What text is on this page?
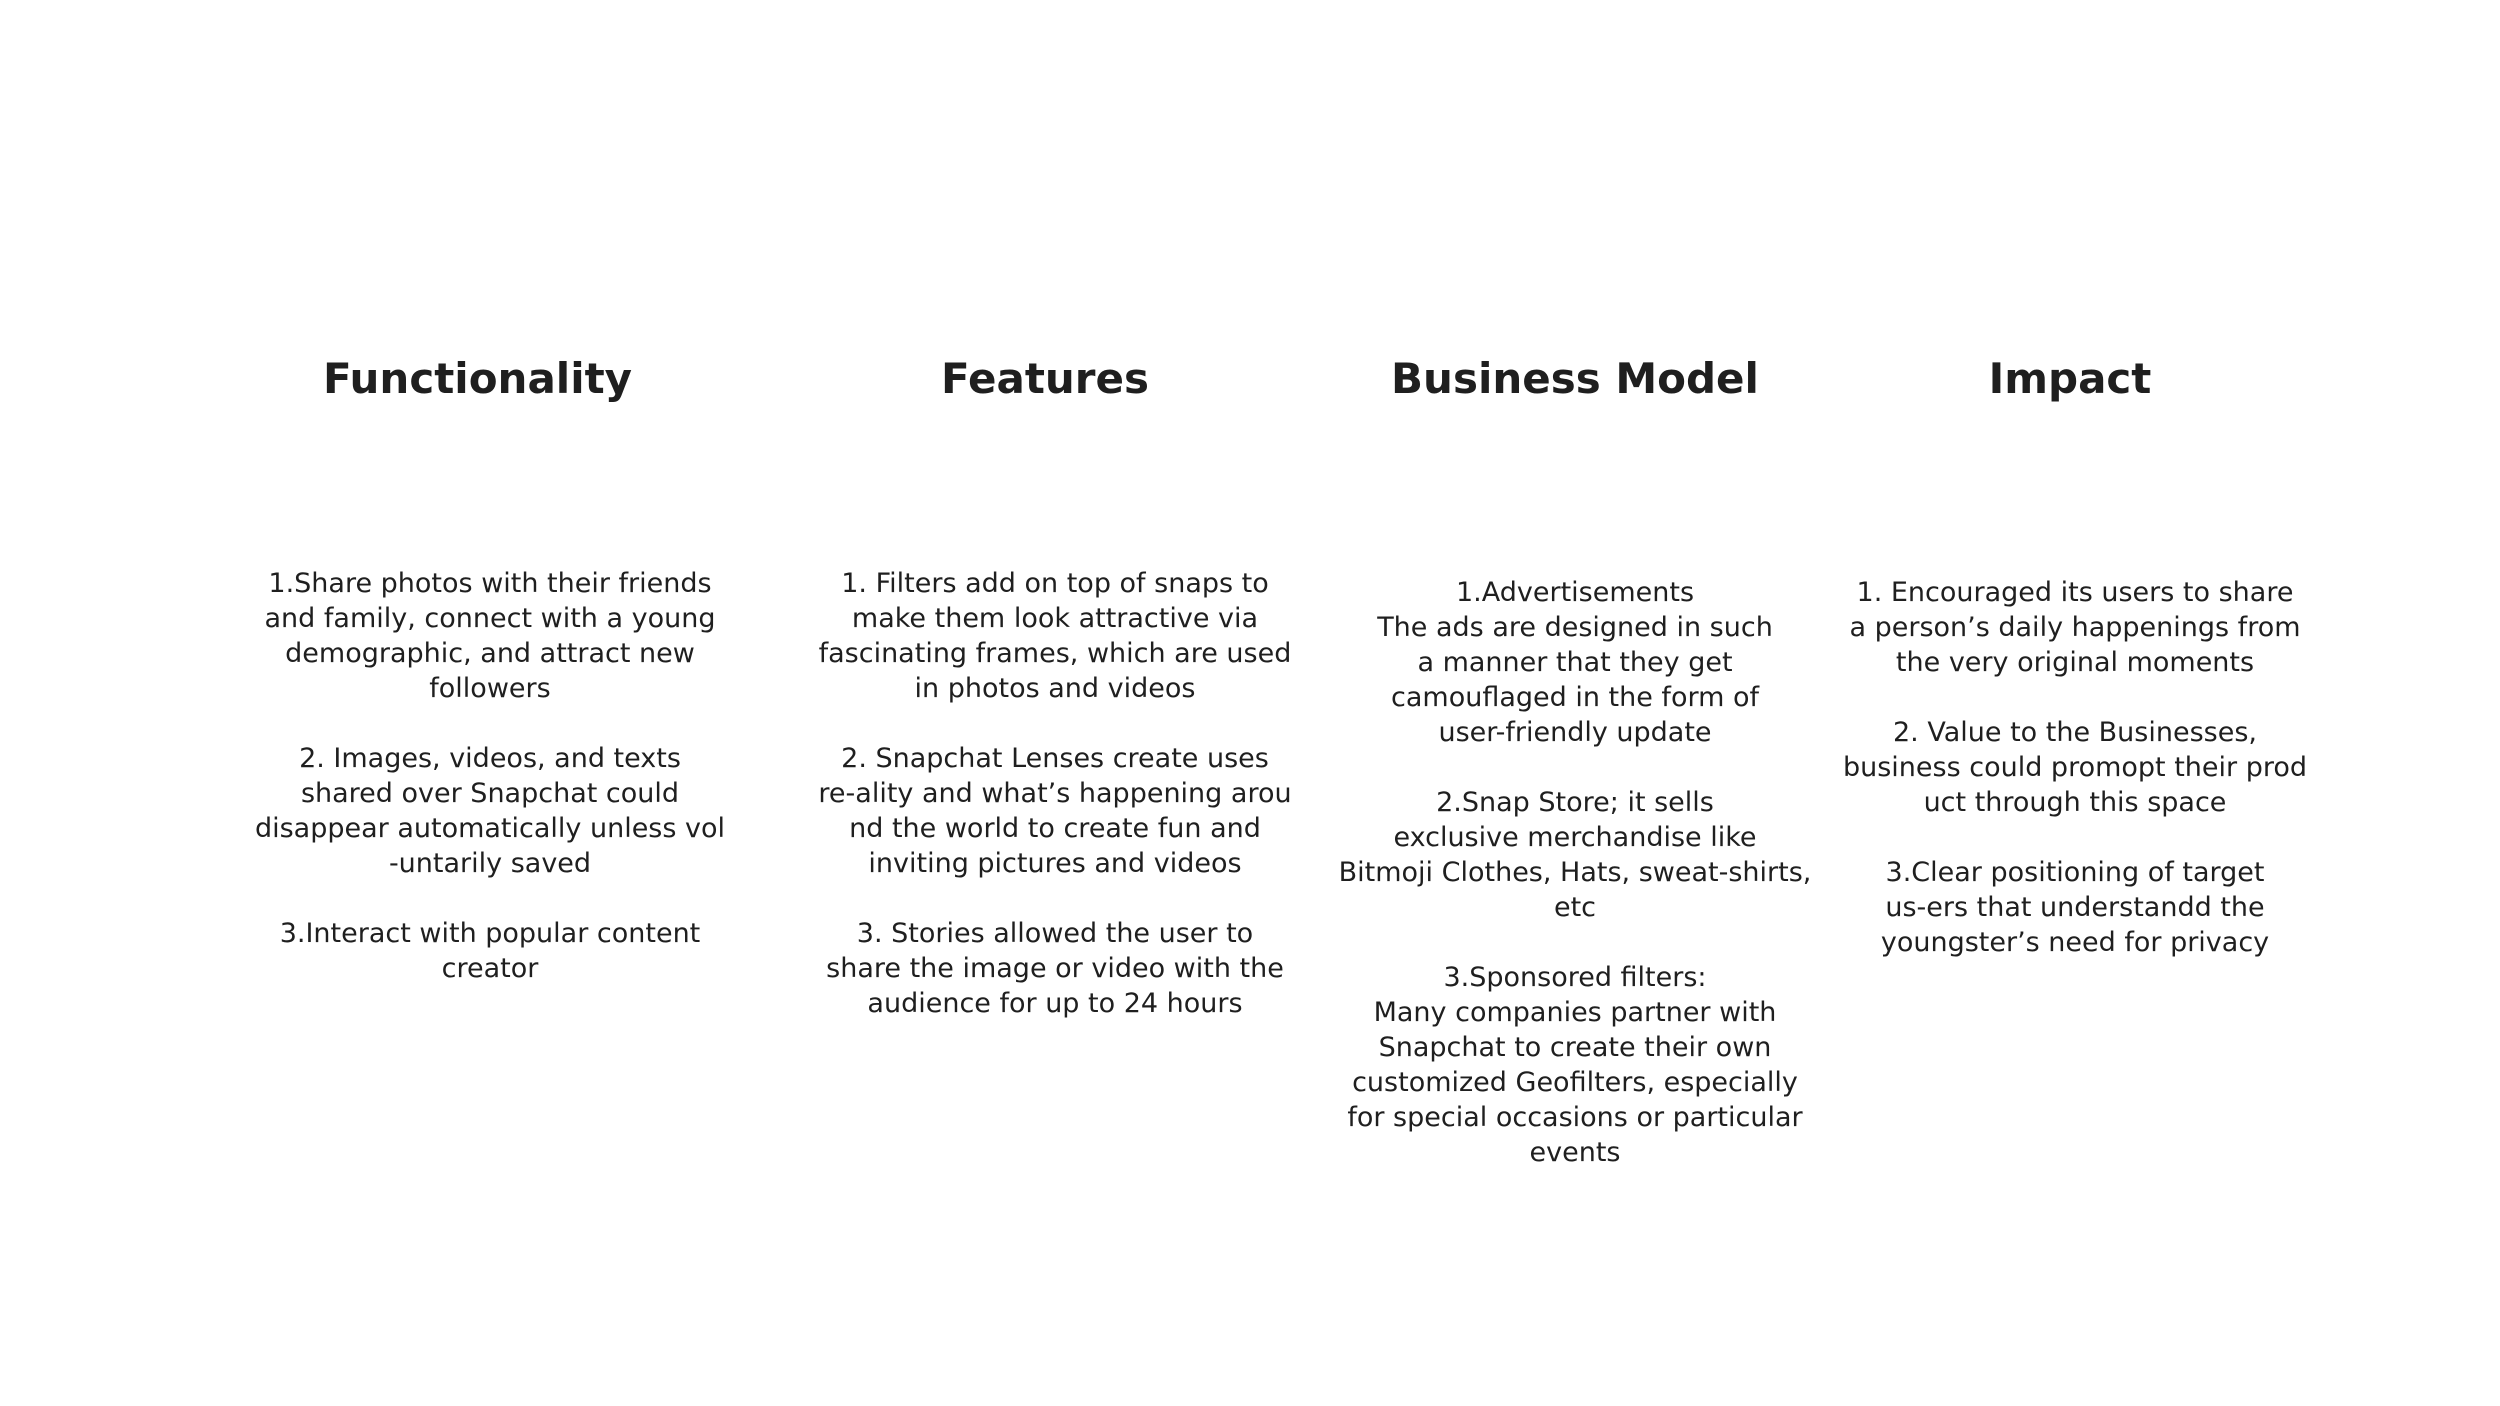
Functionality

1.Share photos with their friends
and family, connect with a young
demographic, and attract new
followers

2. Images, videos, and texts
shared over Snapchat could
disappear automatically unless vol
-untarily saved

3.Interact with popular content
creator

Features

1. Filters add on top of snaps to
make them look attractive via
fascinating frames, which are used
in photos and videos

2. Snapchat Lenses create uses
re-ality and what’s happening arou
nd the world to create fun and
inviting pictures and videos

3. Stories allowed the user to
share the image or video with the
audience for up to 24 hours

Business Model

1.Advertisements
The ads are designed in such
a manner that they get
camouflaged in the form of
user-friendly update

2.Snap Store; it sells
exclusive merchandise like
Bitmoji Clothes, Hats, sweat-shirts,
etc

3.Sponsored filters:
Many companies partner with
Snapchat to create their own
customized Geofilters, especially
for special occasions or particular
events

Impact

1. Encouraged its users to share
a person’s daily happenings from
the very original moments

2. Value to the Businesses,
business could promopt their prod
uct through this space

3.Clear positioning of target
us-ers that understandd the
youngster’s need for privacy
